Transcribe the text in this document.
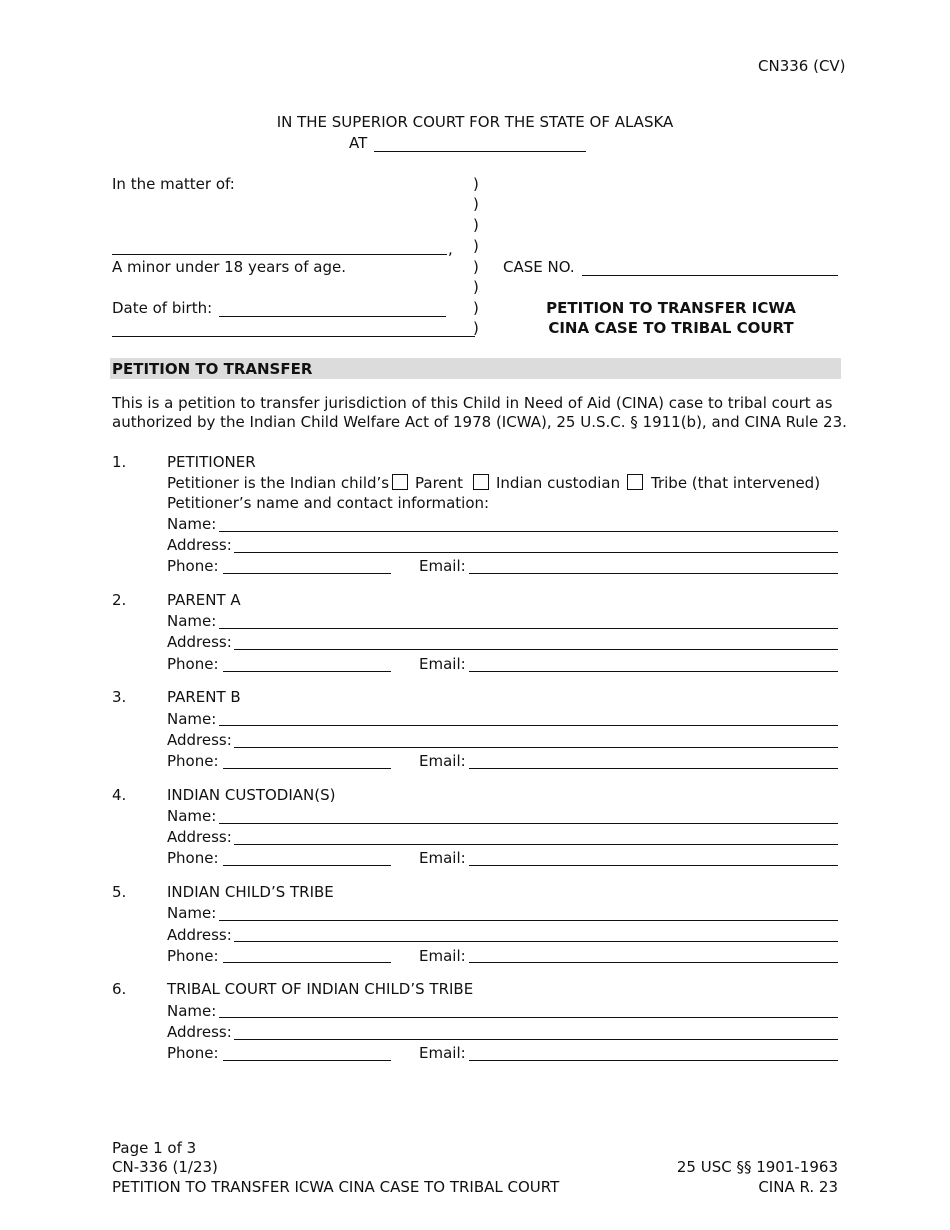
CN336 (CV)
IN THE SUPERIOR COURT FOR THE STATE OF ALASKA
AT
In the matter of:
,
A minor under 18 years of age.
Date of birth:
)
)
)
)
)
)
)
)
CASE NO.
PETITION TO TRANSFER ICWA
CINA CASE TO TRIBAL COURT
PETITION TO TRANSFER
This is a petition to transfer jurisdiction of this Child in Need of Aid (CINA) case to tribal court as
authorized by the Indian Child Welfare Act of 1978 (ICWA), 25 U.S.C. § 1911(b), and CINA Rule 23.
1.	PETITIONER
Petitioner is the Indian child’s Parent Indian custodian Tribe (that intervened)
Petitioner’s name and contact information:
Name:
Address:
Phone:	Email:
2.	PARENT A
Name:
Address:
Phone:	Email:
3.	PARENT B
Name:
Address:
Phone:	Email:
4.	INDIAN CUSTODIAN(S)
Name:
Address:
Phone:	Email:
5.	INDIAN CHILD’S TRIBE
Name:
Address:
Phone:	Email:
6.	TRIBAL COURT OF INDIAN CHILD’S TRIBE
Name:
Address:
Phone:	Email:
Page 1 of 3
CN-336 (1/23)
PETITION TO TRANSFER ICWA CINA CASE TO TRIBAL COURT
25 USC §§ 1901-1963
CINA R. 23
